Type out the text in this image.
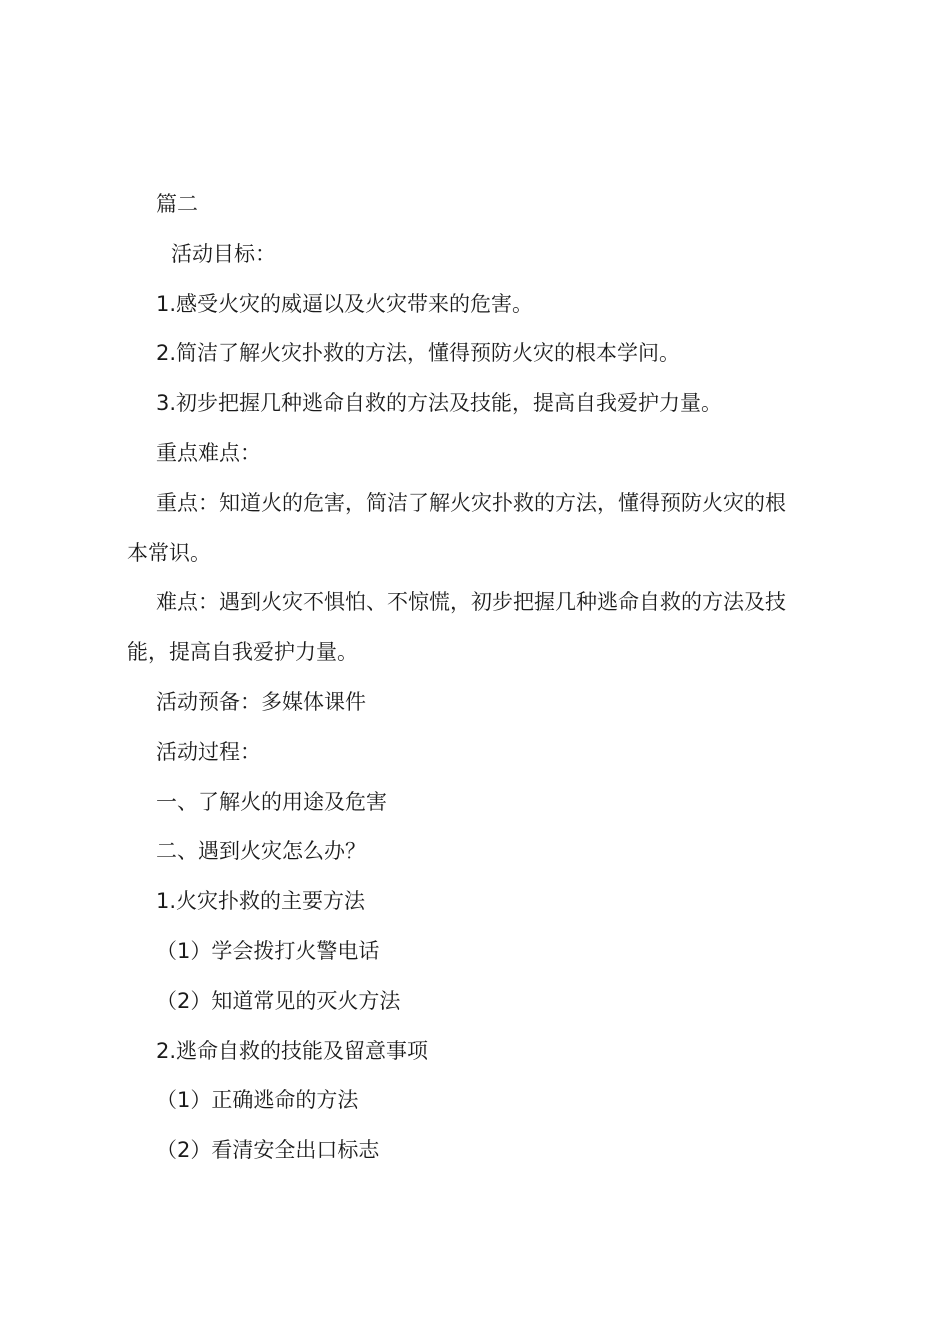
篇二
活动目标：
1.感受火灾的威逼以及火灾带来的危害。
2.简洁了解火灾扑救的方法，懂得预防火灾的根本学问。
3.初步把握几种逃命自救的方法及技能，提高自我爱护力量。
重点难点：
重点：知道火的危害，简洁了解火灾扑救的方法，懂得预防火灾的根
本常识。
难点：遇到火灾不惧怕、不惊慌，初步把握几种逃命自救的方法及技
能，提高自我爱护力量。
活动预备：多媒体课件
活动过程：
一、了解火的用途及危害
二、遇到火灾怎么办？
1.火灾扑救的主要方法
（1）学会拨打火警电话
（2）知道常见的灭火方法
2.逃命自救的技能及留意事项
（1）正确逃命的方法
（2）看清安全出口标志
